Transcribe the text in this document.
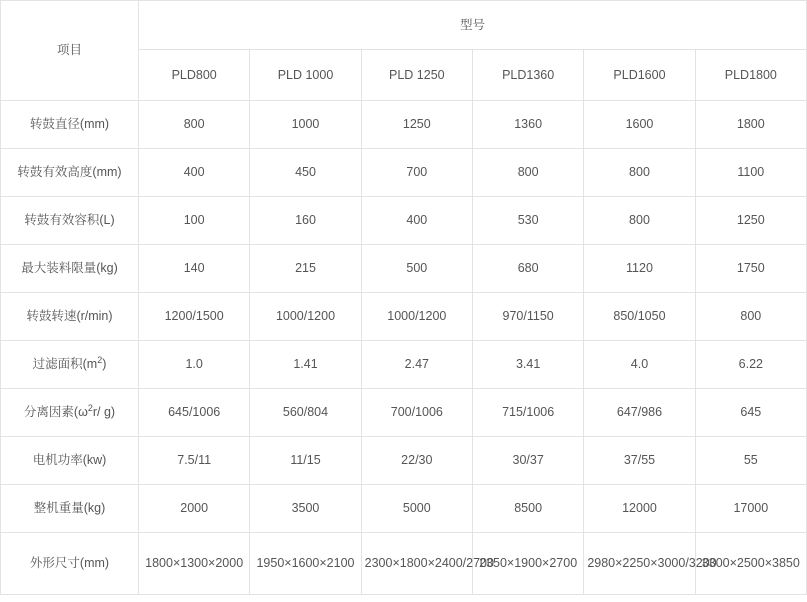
项目	型号					
	PLD800	PLD 1000	PLD 1250	PLD1360	PLD1600	PLD1800
转鼓直径(mm)	800	1000	1250	1360	1600	1800
转鼓有效高度(mm)	400	450	700	800	800	1100
转鼓有效容积(L)	100	160	400	530	800	1250
最大装料限量(kg)	140	215	500	680	1120	1750
转鼓转速(r/min)	1200/1500	1000/1200	1000/1200	970/1150	850/1050	800
过滤面积$(m^2)$	1.0	1.41	2.47	3.41	4.0	6.22
分离因素($\omega^2r/$ g)	645/1006	560/804	700/1006	715/1006	647/986	645
电机功率(kw)	7.5/11	11/15	22/30	30/37	37/55	55
整机重量(kg)	2000	3500	5000	8500	12000	17000
外形尺寸(mm)	1800×1300×2000	1950×1600×2100	2300×1800×2400/2700	2350×1900×2700	2980×2250×3000/3200	3300×2500×3850
